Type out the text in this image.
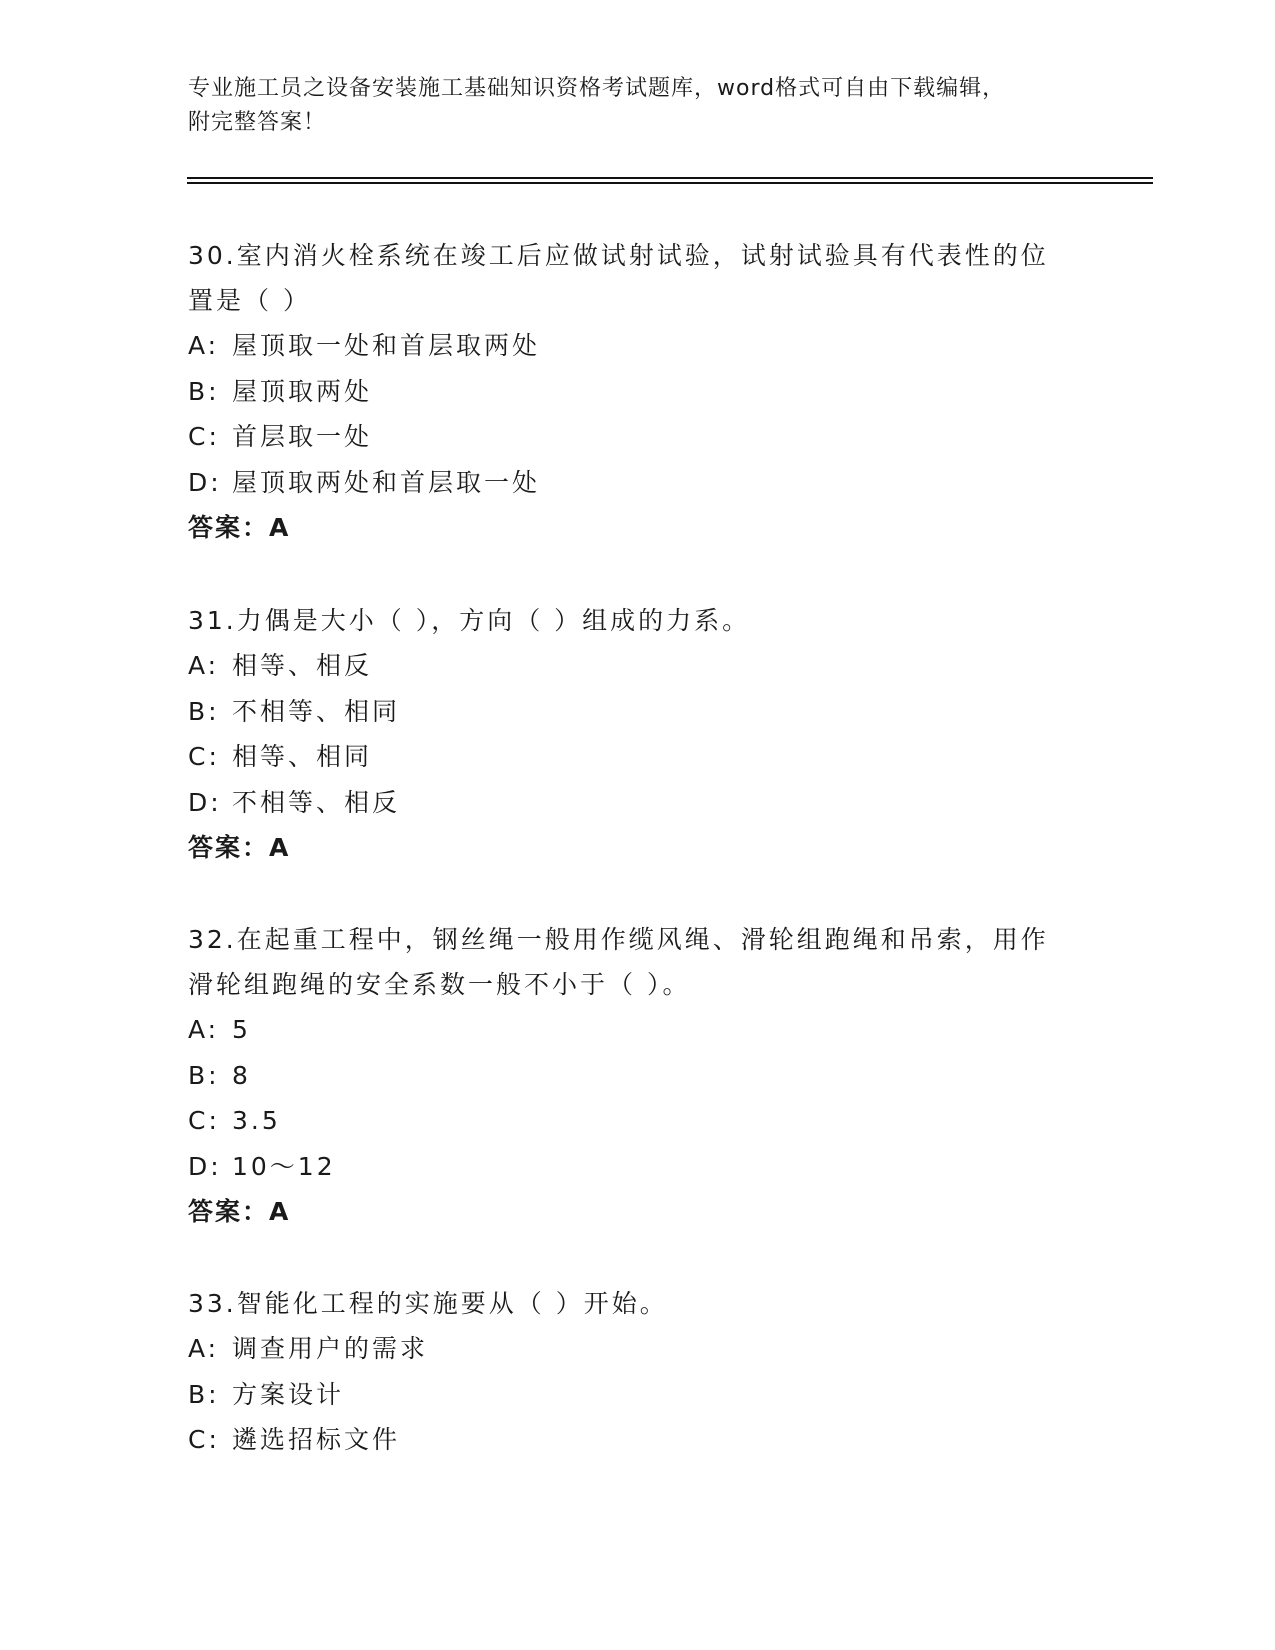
专业施工员之设备安装施工基础知识资格考试题库，word格式可自由下载编辑，
附完整答案！

30.室内消火栓系统在竣工后应做试射试验，试射试验具有代表性的位

置是（ ）

A: 屋顶取一处和首层取两处

B: 屋顶取两处

C: 首层取一处

D: 屋顶取两处和首层取一处

答案：A

31.力偶是大小（ ），方向（ ）组成的力系。

A: 相等、相反

B: 不相等、相同

C: 相等、相同

D: 不相等、相反

答案：A

32.在起重工程中，钢丝绳一般用作缆风绳、滑轮组跑绳和吊索，用作

滑轮组跑绳的安全系数一般不小于（ ）。

A: 5

B: 8

C: 3.5

D: 10～12

答案：A

33.智能化工程的实施要从（ ）开始。

A: 调查用户的需求

B: 方案设计

C: 遴选招标文件
